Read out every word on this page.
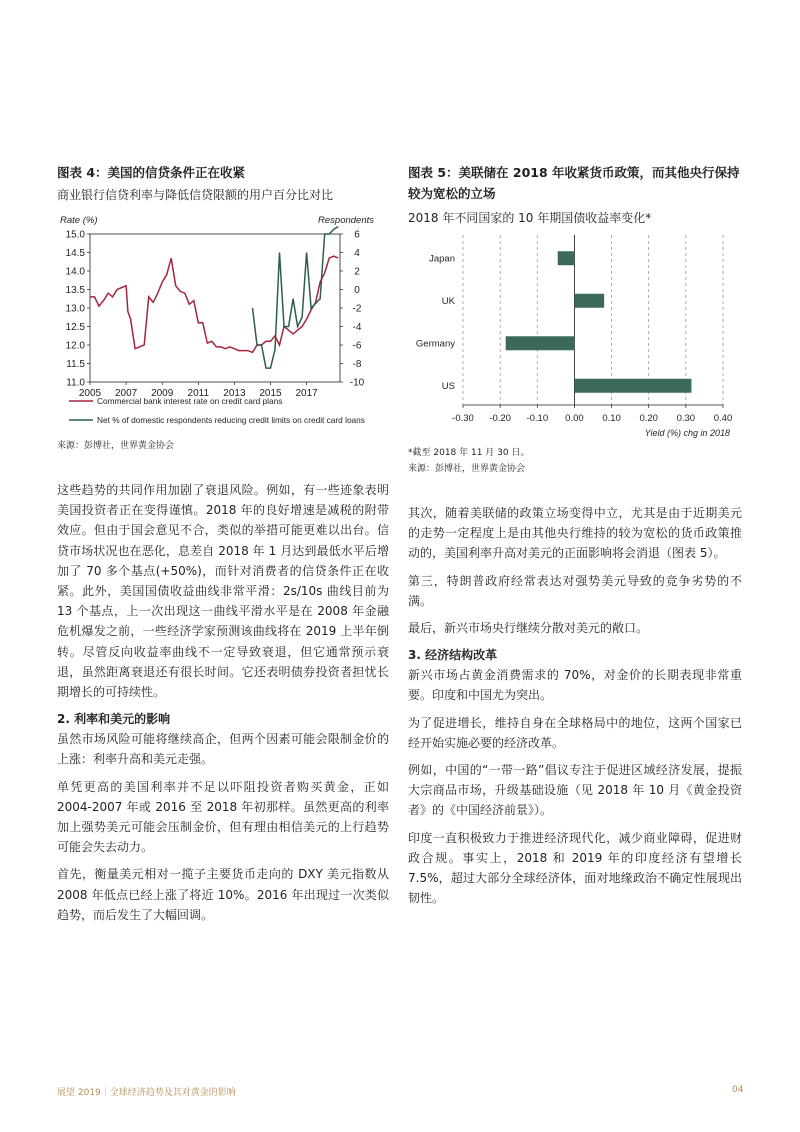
图表 4：美国的信贷条件正在收紧
商业银行信贷利率与降低信贷限额的用户百分比对比
Rate (%)	Respondents
15.0
14.5
14.0
13.5
13.0
12.5
12.0
11.5
11.0
6
4
2
0
-2
-4
-6
-8
-10
2005 2007 2009 2011 2013 2015 2017
Commercial bank interest rate on credit card plans
Net % of domestic respondents reducing credit limits on credit card loans
来源：彭博社，世界黄金协会
图表 5：美联储在 2018 年收紧货币政策，而其他央行保持较为宽松的立场
2018 年不同国家的 10 年期国债收益率变化*
Japan
UK
Germany
US
-0.30 -0.20 -0.10 0.00 0.10 0.20 0.30 0.40
Yield (%) chg in 2018
*截至 2018 年 11 月 30 日。
来源：彭博社，世界黄金协会

这些趋势的共同作用加剧了衰退风险。例如，有一些迹象表明美国投资者正在变得谨慎。2018 年的良好增速是减税的附带效应。但由于国会意见不合，类似的举措可能更难以出台。信贷市场状况也在恶化，息差自 2018 年 1 月达到最低水平后增加了 70 多个基点(+50%)，而针对消费者的信贷条件正在收紧。此外，美国国债收益曲线非常平滑：2s/10s 曲线目前为 13 个基点，上一次出现这一曲线平滑水平是在 2008 年金融危机爆发之前，一些经济学家预测该曲线将在 2019 上半年倒转。尽管反向收益率曲线不一定导致衰退，但它通常预示衰退，虽然距离衰退还有很长时间。它还表明债券投资者担忧长期增长的可持续性。

2. 利率和美元的影响

虽然市场风险可能将继续高企，但两个因素可能会限制金价的上涨：利率升高和美元走强。

单凭更高的美国利率并不足以吓阻投资者购买黄金，正如 2004-2007 年或 2016 至 2018 年初那样。虽然更高的利率加上强势美元可能会压制金价，但有理由相信美元的上行趋势可能会失去动力。

首先，衡量美元相对一揽子主要货币走向的 DXY 美元指数从 2008 年低点已经上涨了将近 10%。2016 年出现过一次类似趋势，而后发生了大幅回调。

其次，随着美联储的政策立场变得中立，尤其是由于近期美元的走势一定程度上是由其他央行维持的较为宽松的货币政策推动的，美国利率升高对美元的正面影响将会消退（图表 5）。

第三，特朗普政府经常表达对强势美元导致的竞争劣势的不满。

最后，新兴市场央行继续分散对美元的敞口。

3. 经济结构改革

新兴市场占黄金消费需求的 70%，对金价的长期表现非常重要。印度和中国尤为突出。

为了促进增长，维持自身在全球格局中的地位，这两个国家已经开始实施必要的经济改革。

例如，中国的“一带一路”倡议专注于促进区域经济发展，提振大宗商品市场，升级基础设施（见 2018 年 10 月《黄金投资者》的《中国经济前景》）。

印度一直积极致力于推进经济现代化，减少商业障碍，促进财政合规。事实上，2018 和 2019 年的印度经济有望增长 7.5%，超过大部分全球经济体，面对地缘政治不确定性展现出韧性。

展望 2019｜全球经济趋势及其对黄金的影响	04
